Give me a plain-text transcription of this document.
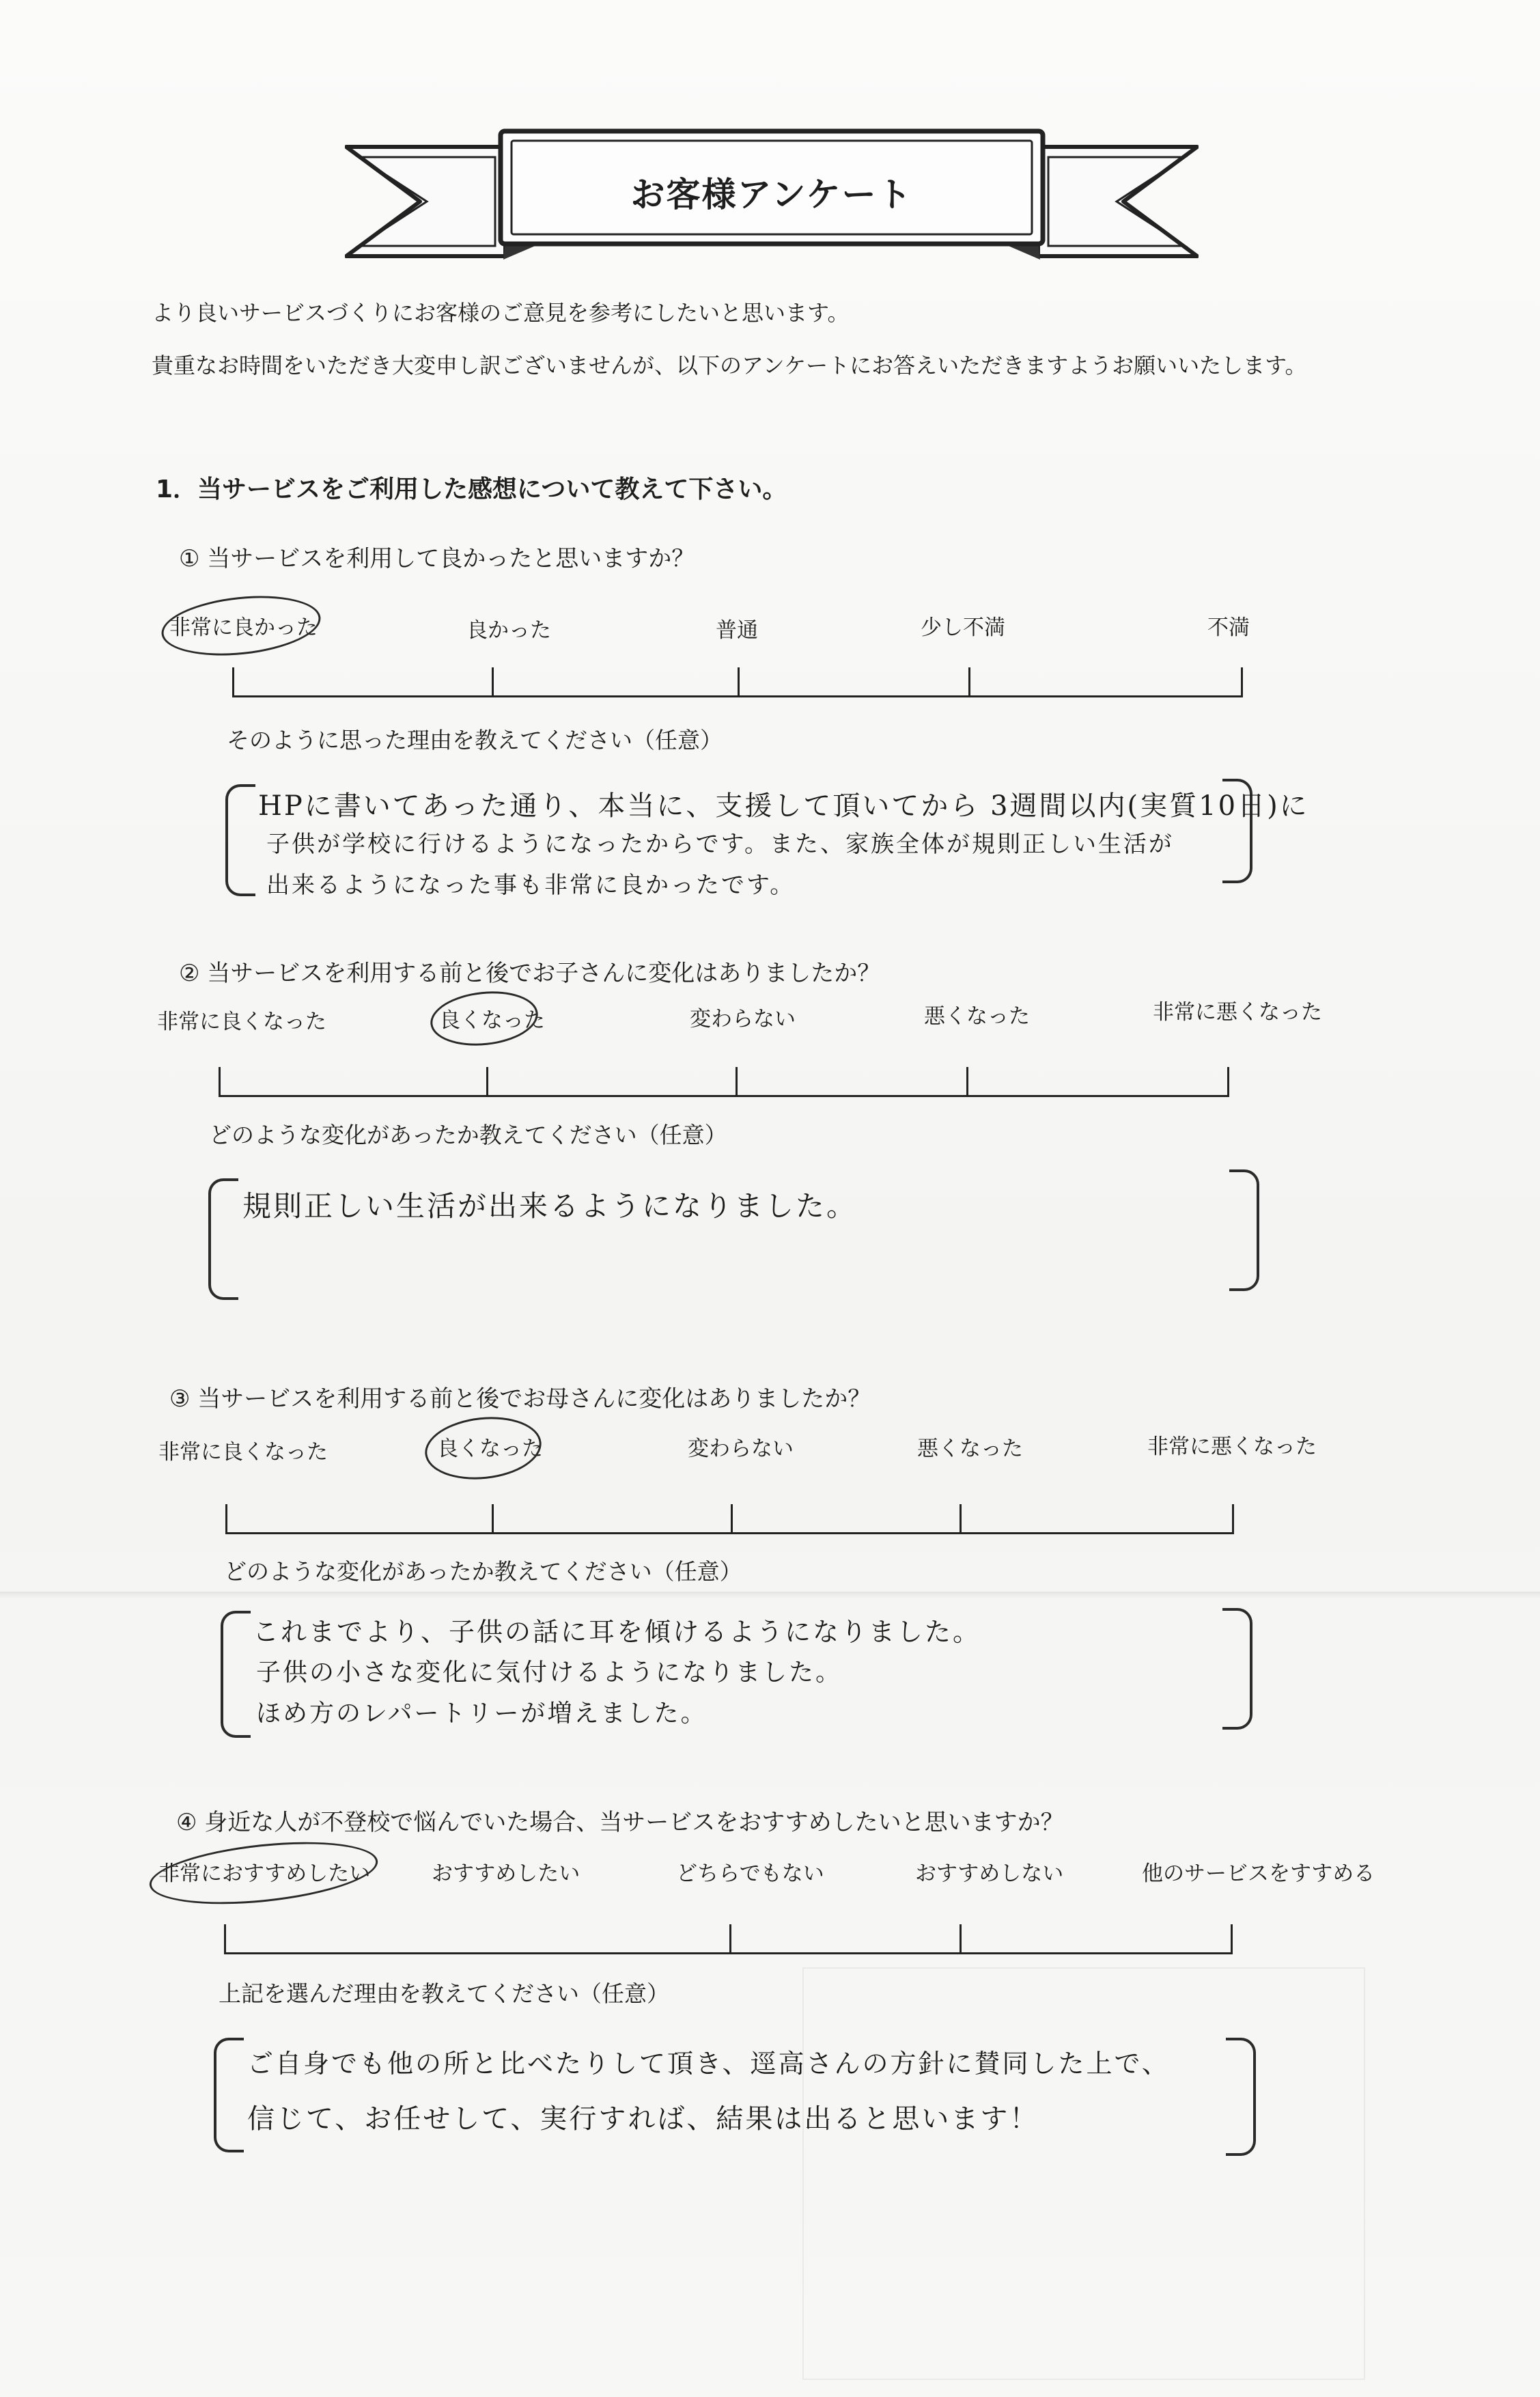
お客様アンケート
より良いサービスづくりにお客様のご意見を参考にしたいと思います。
貴重なお時間をいただき大変申し訳ございませんが、以下のアンケートにお答えいただきますようお願いいたします。
1．当サービスをご利用した感想について教えて下さい。
① 当サービスを利用して良かったと思いますか？
非常に良かった	良かった	普通	少し不満	不満
そのように思った理由を教えてください（任意）
HPに書いてあった通り、本当に、支援して頂いてから 3週間以内(実質10日)に
子供が学校に行けるようになったからです。また、家族全体が規則正しい生活が
出来るようになった事も非常に良かったです。
② 当サービスを利用する前と後でお子さんに変化はありましたか？
非常に良くなった	良くなった	変わらない	悪くなった	非常に悪くなった
どのような変化があったか教えてください（任意）
規則正しい生活が出来るようになりました。
③ 当サービスを利用する前と後でお母さんに変化はありましたか？
非常に良くなった	良くなった	変わらない	悪くなった	非常に悪くなった
どのような変化があったか教えてください（任意）
これまでより、子供の話に耳を傾けるようになりました。
子供の小さな変化に気付けるようになりました。
ほめ方のレパートリーが増えました。
④ 身近な人が不登校で悩んでいた場合、当サービスをおすすめしたいと思いますか？
非常におすすめしたい	おすすめしたい	どちらでもない	おすすめしない	他のサービスをすすめる
上記を選んだ理由を教えてください（任意）
ご自身でも他の所と比べたりして頂き、逕高さんの方針に賛同した上で、
信じて、お任せして、実行すれば、結果は出ると思います！
